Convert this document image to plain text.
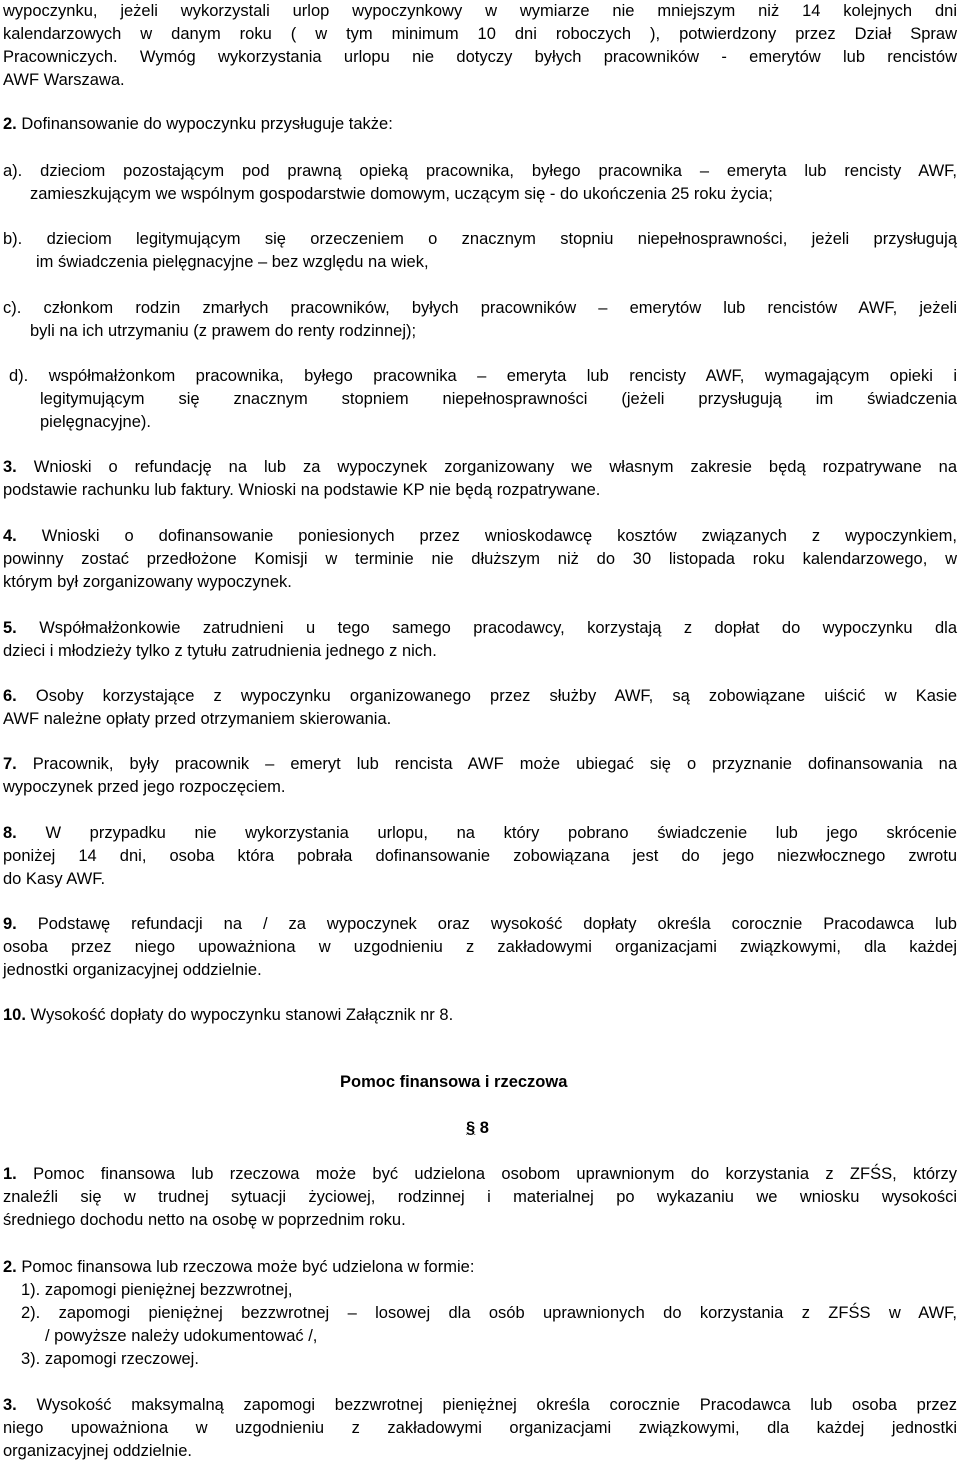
wypoczynku, jeżeli wykorzystali urlop wypoczynkowy w wymiarze nie mniejszym niż 14 kolejnych dni
kalendarzowych w danym roku ( w tym minimum 10 dni roboczych ), potwierdzony przez Dział Spraw
Pracowniczych. Wymóg wykorzystania urlopu nie dotyczy byłych pracowników - emerytów lub rencistów
AWF Warszawa.
2. Dofinansowanie do wypoczynku przysługuje także:
a). dzieciom pozostającym pod prawną opieką pracownika, byłego pracownika – emeryta lub rencisty AWF,
zamieszkującym we wspólnym gospodarstwie domowym, uczącym się - do ukończenia 25 roku życia;
b). dzieciom legitymującym się orzeczeniem o znacznym stopniu niepełnosprawności, jeżeli przysługują
im świadczenia pielęgnacyjne – bez względu na wiek,
c). członkom rodzin zmarłych pracowników, byłych pracowników – emerytów lub rencistów AWF, jeżeli
byli na ich utrzymaniu (z prawem do renty rodzinnej);
d). współmałżonkom pracownika, byłego pracownika – emeryta lub rencisty AWF, wymagającym opieki i
legitymującym się znacznym stopniem niepełnosprawności (jeżeli przysługują im świadczenia
pielęgnacyjne).
3. Wnioski o refundację na lub za wypoczynek zorganizowany we własnym zakresie będą rozpatrywane na
podstawie rachunku lub faktury. Wnioski na podstawie KP nie będą rozpatrywane.
4. Wnioski o dofinansowanie poniesionych przez wnioskodawcę kosztów związanych z wypoczynkiem,
powinny zostać przedłożone Komisji w terminie nie dłuższym niż do 30 listopada roku kalendarzowego, w
którym był zorganizowany wypoczynek.
5. Współmałżonkowie zatrudnieni u tego samego pracodawcy, korzystają z dopłat do wypoczynku dla
dzieci i młodzieży tylko z tytułu zatrudnienia jednego z nich.
6. Osoby korzystające z wypoczynku organizowanego przez służby AWF, są zobowiązane uiścić w Kasie
AWF należne opłaty przed otrzymaniem skierowania.
7. Pracownik, były pracownik – emeryt lub rencista AWF może ubiegać się o przyznanie dofinansowania na
wypoczynek przed jego rozpoczęciem.
8. W przypadku nie wykorzystania urlopu, na który pobrano świadczenie lub jego skrócenie
poniżej 14 dni, osoba która pobrała dofinansowanie zobowiązana jest do jego niezwłocznego zwrotu
do Kasy AWF.
9. Podstawę refundacji na / za wypoczynek oraz wysokość dopłaty określa corocznie Pracodawca lub
osoba przez niego upoważniona w uzgodnieniu z zakładowymi organizacjami związkowymi, dla każdej
jednostki organizacyjnej oddzielnie.
10. Wysokość dopłaty do wypoczynku stanowi Załącznik nr 8.
Pomoc finansowa i rzeczowa
§ 8
1. Pomoc finansowa lub rzeczowa może być udzielona osobom uprawnionym do korzystania z ZFŚS, którzy
znaleźli się w trudnej sytuacji życiowej, rodzinnej i materialnej po wykazaniu we wniosku wysokości
średniego dochodu netto na osobę w poprzednim roku.
2. Pomoc finansowa lub rzeczowa może być udzielona w formie:
1). zapomogi pieniężnej bezzwrotnej,
2). zapomogi pieniężnej bezzwrotnej – losowej dla osób uprawnionych do korzystania z ZFŚS w AWF,
/ powyższe należy udokumentować /,
3). zapomogi rzeczowej.
3. Wysokość maksymalną zapomogi bezzwrotnej pieniężnej określa corocznie Pracodawca lub osoba przez
niego upoważniona w uzgodnieniu z zakładowymi organizacjami związkowymi, dla każdej jednostki
organizacyjnej oddzielnie.
